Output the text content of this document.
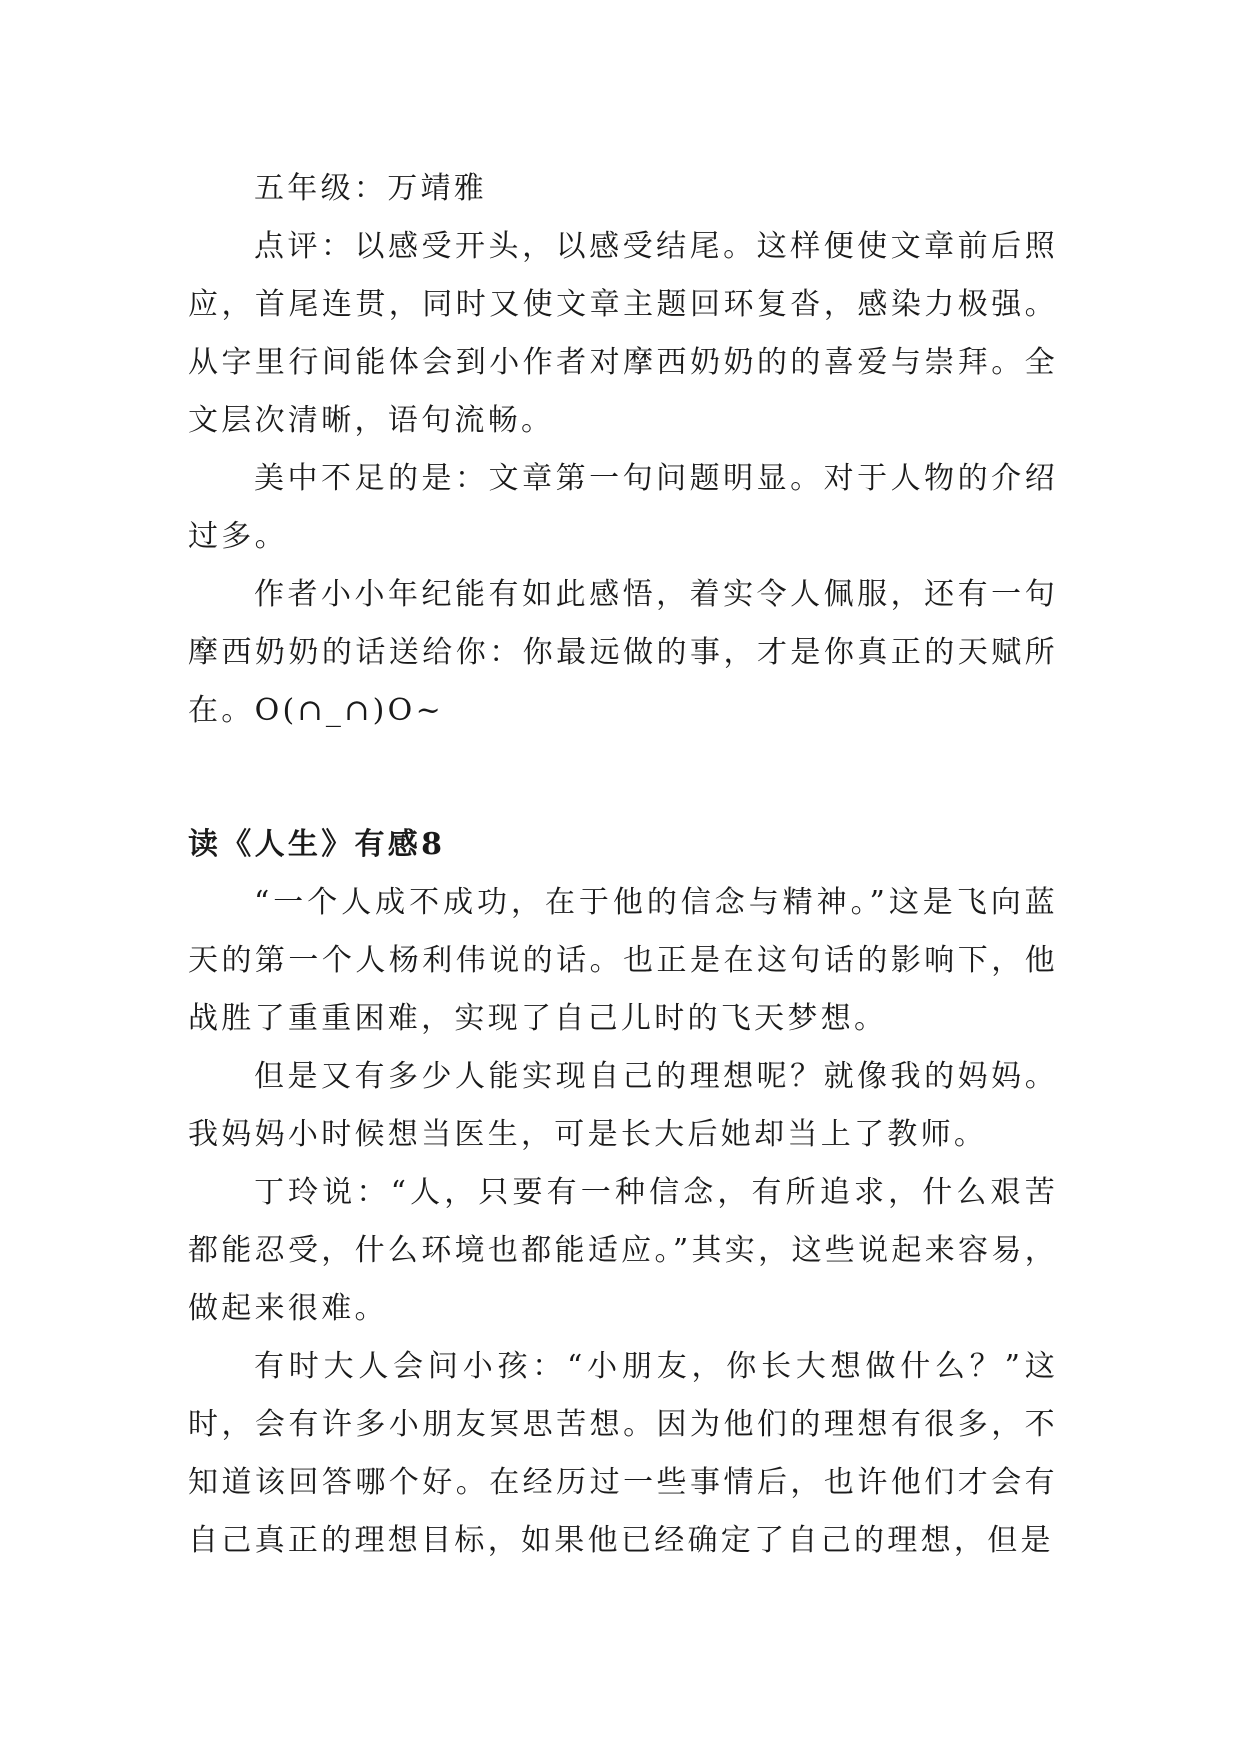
五年级：万靖雅

点评：以感受开头，以感受结尾。这样便使文章前后照应，首尾连贯，同时又使文章主题回环复沓，感染力极强。从字里行间能体会到小作者对摩西奶奶的的喜爱与崇拜。全文层次清晰，语句流畅。

美中不足的是：文章第一句问题明显。对于人物的介绍过多。

作者小小年纪能有如此感悟，着实令人佩服，还有一句摩西奶奶的话送给你：你最远做的事，才是你真正的天赋所在。O(∩_∩)O~

读《人生》有感8

“一个人成不成功，在于他的信念与精神。”这是飞向蓝天的第一个人杨利伟说的话。也正是在这句话的影响下，他战胜了重重困难，实现了自己儿时的飞天梦想。

但是又有多少人能实现自己的理想呢？就像我的妈妈。我妈妈小时候想当医生，可是长大后她却当上了教师。

丁玲说：“人，只要有一种信念，有所追求，什么艰苦都能忍受，什么环境也都能适应。”其实，这些说起来容易，做起来很难。

有时大人会问小孩：“小朋友，你长大想做什么？”这时，会有许多小朋友冥思苦想。因为他们的理想有很多，不知道该回答哪个好。在经历过一些事情后，也许他们才会有自己真正的理想目标，如果他已经确定了自己的理想，但是
